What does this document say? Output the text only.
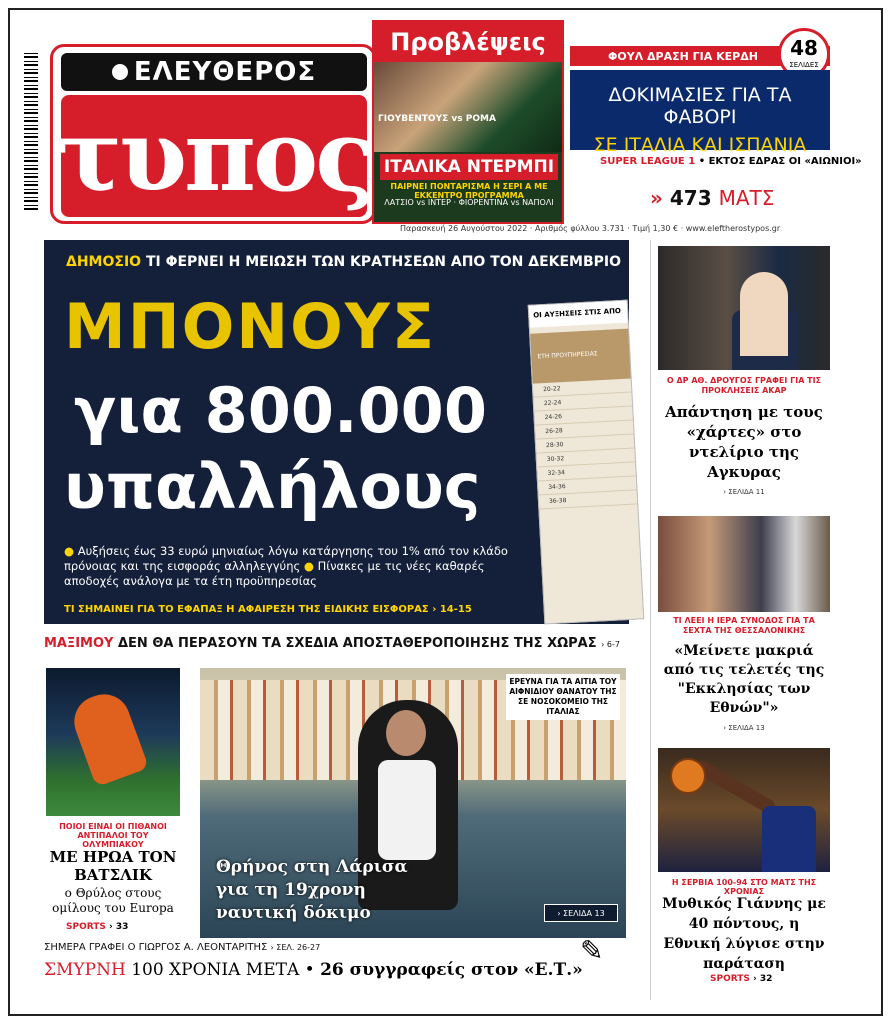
ΕΛΕΥΘΕΡΟΣ
τυπος
Προβλέψεις
ΓΙΟΥΒΕΝΤΟΥΣ vs ΡΟΜΑ
ΙΤΑΛΙΚΑ ΝΤΕΡΜΠΙ
ΠΑΙΡΝΕΙ ΠΟΝΤΑΡΙΣΜΑ Η ΣΕΡΙ Α ΜΕ ΕΚΚΕΝΤΡΟ ΠΡΟΓΡΑΜΜΑ
ΛΑΤΣΙΟ vs ΙΝΤΕΡ · ΦΙΟΡΕΝΤΙΝΑ vs ΝΑΠΟΛΙ
ΦΟΥΛ ΔΡΑΣΗ ΓΙΑ ΚΕΡΔΗ	48
ΣΕΛΙΔΕΣ
ΔΟΚΙΜΑΣΙΕΣ ΓΙΑ ΤΑ ΦΑΒΟΡΙ
ΣΕ ΙΤΑΛΙΑ ΚΑΙ ΙΣΠΑΝΙΑ
SUPER LEAGUE 1 • ΕΚΤΟΣ ΕΔΡΑΣ ΟΙ «ΑΙΩΝΙΟΙ»
» 473 ΜΑΤΣ
Παρασκευή 26 Αυγούστου 2022 · Αριθμός φύλλου 3.731 · Τιμή 1,30 € · www.eleftherostypos.gr
ΔΗΜΟΣΙΟ ΤΙ ΦΕΡΝΕΙ Η ΜΕΙΩΣΗ ΤΩΝ ΚΡΑΤΗΣΕΩΝ ΑΠΟ ΤΟΝ ΔΕΚΕΜΒΡΙΟ
ΜΠΟΝΟΥΣ
για 800.000
υπαλλήλους
ΟΙ ΑΥΞΗΣΕΙΣ ΣΤΙΣ ΑΠΟ
ΕΤΗ ΠΡΟΥΠΗΡΕΣΙΑΣ
20-22
22-24
24-26
26-28
28-30
30-32
32-34
34-36
36-38
● Αυξήσεις έως 33 ευρώ μηνιαίως λόγω κατάργησης του 1% από τον κλάδο πρόνοιας και της εισφοράς αλληλεγγύης ● Πίνακες με τις νέες καθαρές αποδοχές ανάλογα με τα έτη προϋπηρεσίας
ΤΙ ΣΗΜΑΙΝΕΙ ΓΙΑ ΤΟ ΕΦΑΠΑΞ Η ΑΦΑΙΡΕΣΗ ΤΗΣ ΕΙΔΙΚΗΣ ΕΙΣΦΟΡΑΣ › 14-15
ΜΑΞΙΜΟΥ ΔΕΝ ΘΑ ΠΕΡΑΣΟΥΝ ΤΑ ΣΧΕΔΙΑ ΑΠΟΣΤΑΘΕΡΟΠΟΙΗΣΗΣ ΤΗΣ ΧΩΡΑΣ › 6-7
ΠΟΙΟΙ ΕΙΝΑΙ ΟΙ ΠΙΘΑΝΟΙ ΑΝΤΙΠΑΛΟΙ ΤΟΥ ΟΛΥΜΠΙΑΚΟΥ
ΜΕ ΗΡΩΑ ΤΟΝ ΒΑΤΣΛΙΚ
ο Θρύλος στους ομίλους του Europa
SPORTS › 33
ΕΡΕΥΝΑ ΓΙΑ ΤΑ ΑΙΤΙΑ ΤΟΥ ΑΙΦΝΙΔΙΟΥ ΘΑΝΑΤΟΥ ΤΗΣ ΣΕ ΝΟΣΟΚΟΜΕΙΟ ΤΗΣ ΙΤΑΛΙΑΣ
Θρήνος στη Λάρισα
για τη 19χρονη
ναυτική δόκιμο	› ΣΕΛΙΔΑ 13
ΣΗΜΕΡΑ ΓΡΑΦΕΙ Ο ΓΙΩΡΓΟΣ Α. ΛΕΟΝΤΑΡΙΤΗΣ › ΣΕΛ. 26-27
ΣΜΥΡΝΗ 100 ΧΡΟΝΙΑ ΜΕΤΑ • 26 συγγραφείς στον «Ε.Τ.»
✎
Ο ΔΡ ΑΘ. ΔΡΟΥΓΟΣ ΓΡΑΦΕΙ ΓΙΑ ΤΙΣ ΠΡΟΚΛΗΣΕΙΣ ΑΚΑΡ
Απάντηση με τους «χάρτες» στο ντελίριο της Αγκυρας
› ΣΕΛΙΔΑ 11
ΤΙ ΛΕΕΙ Η ΙΕΡΑ ΣΥΝΟΔΟΣ ΓΙΑ ΤΑ ΣΕΧΤΑ ΤΗΣ ΘΕΣΣΑΛΟΝΙΚΗΣ
«Μείνετε μακριά από τις τελετές της "Εκκλησίας των Εθνών"»
› ΣΕΛΙΔΑ 13
Η ΣΕΡΒΙΑ 100-94 ΣΤΟ ΜΑΤΣ ΤΗΣ ΧΡΟΝΙΑΣ
Μυθικός Γιάννης με 40 πόντους, η Εθνική λύγισε στην παράταση
SPORTS › 32
